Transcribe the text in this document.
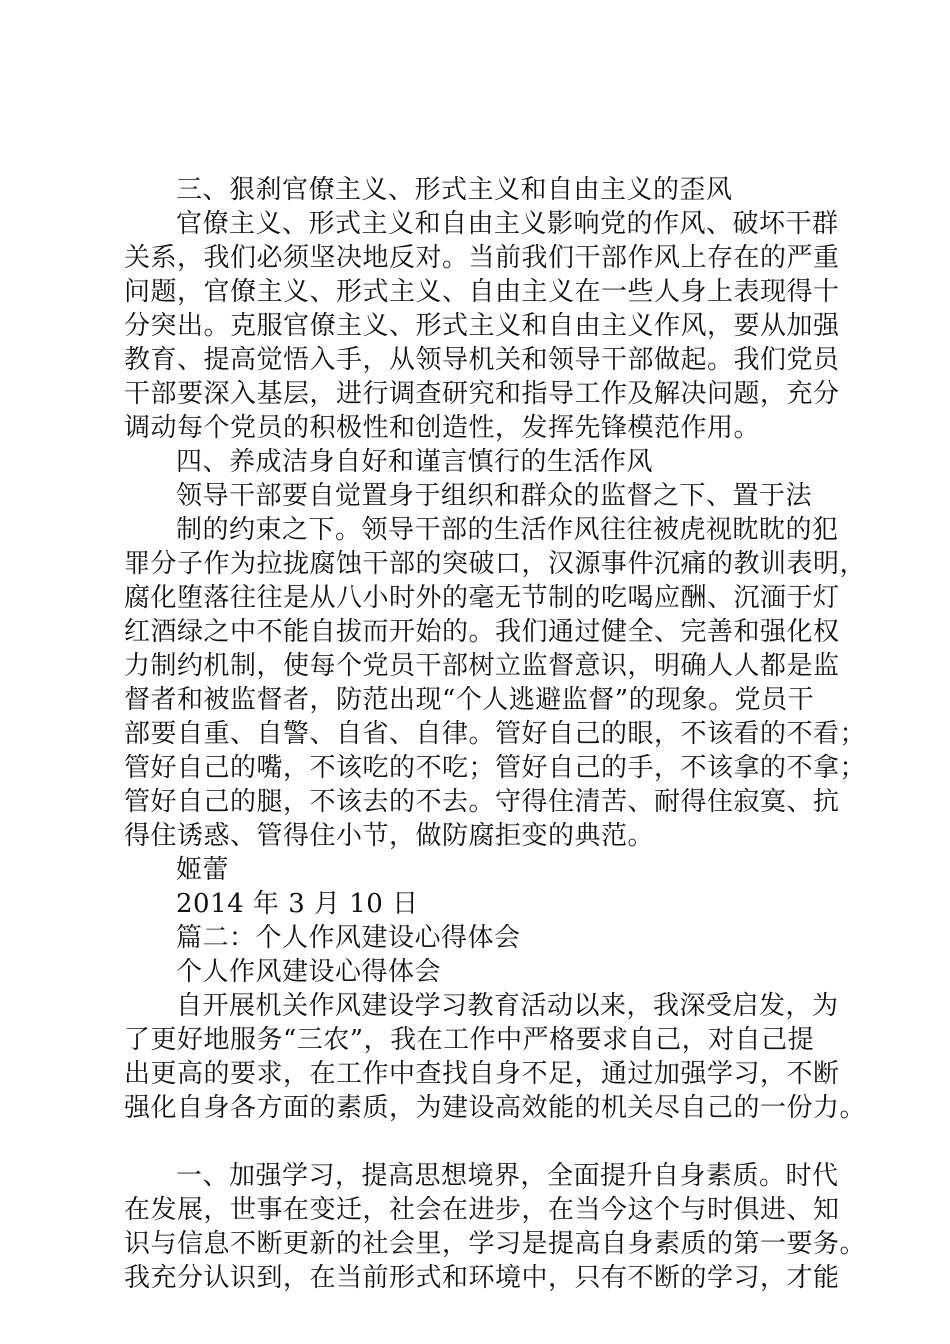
三、狠刹官僚主义、形式主义和自由主义的歪风
官僚主义、形式主义和自由主义影响党的作风、破坏干群
关系，我们必须坚决地反对。当前我们干部作风上存在的严重
问题，官僚主义、形式主义、自由主义在一些人身上表现得十
分突出。克服官僚主义、形式主义和自由主义作风，要从加强
教育、提高觉悟入手，从领导机关和领导干部做起。我们党员
干部要深入基层，进行调查研究和指导工作及解决问题，充分
调动每个党员的积极性和创造性，发挥先锋模范作用。
四、养成洁身自好和谨言慎行的生活作风
领导干部要自觉置身于组织和群众的监督之下、置于法
制的约束之下。领导干部的生活作风往往被虎视眈眈的犯
罪分子作为拉拢腐蚀干部的突破口，汉源事件沉痛的教训表明，
腐化堕落往往是从八小时外的毫无节制的吃喝应酬、沉湎于灯
红酒绿之中不能自拔而开始的。我们通过健全、完善和强化权
力制约机制，使每个党员干部树立监督意识，明确人人都是监
督者和被监督者，防范出现“个人逃避监督”的现象。党员干
部要自重、自警、自省、自律。管好自己的眼，不该看的不看；
管好自己的嘴，不该吃的不吃；管好自己的手，不该拿的不拿；
管好自己的腿，不该去的不去。守得住清苦、耐得住寂寞、抗
得住诱惑、管得住小节，做防腐拒变的典范。
姬蕾
2014 年 3 月 10 日
篇二：个人作风建设心得体会
个人作风建设心得体会
自开展机关作风建设学习教育活动以来，我深受启发，为
了更好地服务“三农”，我在工作中严格要求自己，对自己提
出更高的要求，在工作中查找自身不足，通过加强学习，不断
强化自身各方面的素质，为建设高效能的机关尽自己的一份力。
一、加强学习，提高思想境界，全面提升自身素质。时代
在发展，世事在变迁，社会在进步，在当今这个与时俱进、知
识与信息不断更新的社会里，学习是提高自身素质的第一要务。
我充分认识到，在当前形式和环境中，只有不断的学习，才能
